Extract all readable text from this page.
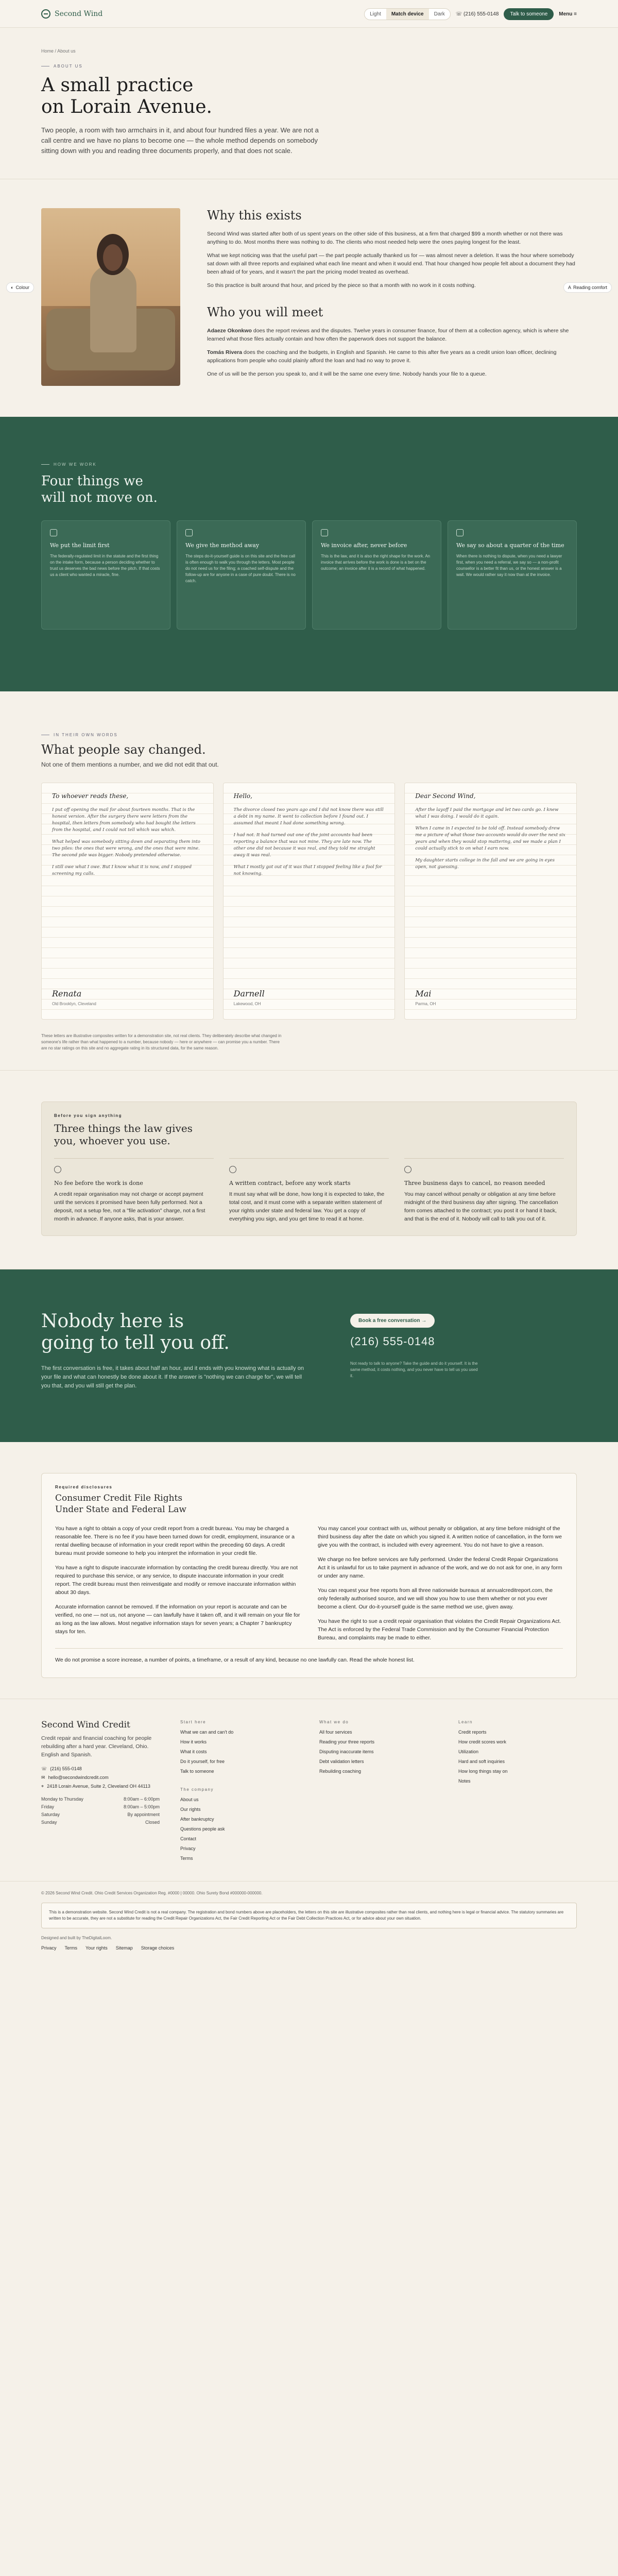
Second Wind	Light	Match device	Dark	☏ (216) 555-0148	Talk to someone	Menu ≡
Home / About us
ABOUT US
A small practice
on Lorain Avenue.

Two people, a room with two armchairs in it, and about four hundred files a year. We are not a call centre and we have no plans to become one — the whole method depends on somebody sitting down with you and reading three documents properly, and that does not scale.

◐ Colour	A Reading comfort
Why this exists

Second Wind was started after both of us spent years on the other side of this business, at a firm that charged $99 a month whether or not there was anything to do. Most months there was nothing to do. The clients who most needed help were the ones paying longest for the least.

What we kept noticing was that the useful part — the part people actually thanked us for — was almost never a deletion. It was the hour where somebody sat down with all three reports and explained what each line meant and when it would end. That hour changed how people felt about a document they had been afraid of for years, and it wasn't the part the pricing model treated as overhead.

So this practice is built around that hour, and priced by the piece so that a month with no work in it costs nothing.

Who you will meet

Adaeze Okonkwo does the report reviews and the disputes. Twelve years in consumer finance, four of them at a collection agency, which is where she learned what those files actually contain and how often the paperwork does not support the balance.

Tomás Rivera does the coaching and the budgets, in English and Spanish. He came to this after five years as a credit union loan officer, declining applications from people who could plainly afford the loan and had no way to prove it.

One of us will be the person you speak to, and it will be the same one every time. Nobody hands your file to a queue.

HOW WE WORK
Four things we
will not move on.
We put the limit first

The federally-regulated limit in the statute and the first thing on the intake form, because a person deciding whether to trust us deserves the bad news before the pitch. If that costs us a client who wanted a miracle, fine.

We give the method away

The steps do-it-yourself guide is on this site and the free call is often enough to walk you through the letters. Most people do not need us for the filing; a coached self-dispute and the follow-up are for anyone in a case of pure doubt. There is no catch.

We invoice after, never before

This is the law, and it is also the right shape for the work. An invoice that arrives before the work is done is a bet on the outcome; an invoice after it is a record of what happened.

We say so about a quarter of the time

When there is nothing to dispute, when you need a lawyer first, when you need a referral, we say so — a non-profit counsellor is a better fit than us, or the honest answer is a wait. We would rather say it now than at the invoice.

IN THEIR OWN WORDS
What people say changed.
Not one of them mentions a number, and we did not edit that out.
To whoever reads these,

I put off opening the mail for about fourteen months. That is the honest version. After the surgery there were letters from the hospital, then letters from somebody who had bought the letters from the hospital, and I could not tell which was which.

What helped was somebody sitting down and separating them into two piles: the ones that were wrong, and the ones that were mine. The second pile was bigger. Nobody pretended otherwise.

I still owe what I owe. But I know what it is now, and I stopped screening my calls.

Renata
Old Brooklyn, Cleveland
Hello,

The divorce closed two years ago and I did not know there was still a debt in my name. It went to collection before I found out. I assumed that meant I had done something wrong.

I had not. It had turned out one of the joint accounts had been reporting a balance that was not mine. They are late now. The other one did not because it was real, and they told me straight away it was real.

What I mostly got out of it was that I stopped feeling like a fool for not knowing.

Darnell
Lakewood, OH
Dear Second Wind,

After the layoff I paid the mortgage and let two cards go. I knew what I was doing. I would do it again.

When I came in I expected to be told off. Instead somebody drew me a picture of what those two accounts would do over the next six years and when they would stop mattering, and we made a plan I could actually stick to on what I earn now.

My daughter starts college in the fall and we are going in eyes open, not guessing.

Mai
Parma, OH

These letters are illustrative composites written for a demonstration site, not real clients. They deliberately describe what changed in someone's life rather than what happened to a number, because nobody — here or anywhere — can promise you a number. There are no star ratings on this site and no aggregate rating in its structured data, for the same reason.

Before you sign anything
Three things the law gives
you, whoever you use.
No fee before the work is done

A credit repair organisation may not charge or accept payment until the services it promised have been fully performed. Not a deposit, not a setup fee, not a "file activation" charge, not a first month in advance. If anyone asks, that is your answer.

A written contract, before any work starts

It must say what will be done, how long it is expected to take, the total cost, and it must come with a separate written statement of your rights under state and federal law. You get a copy of everything you sign, and you get time to read it at home.

Three business days to cancel, no reason needed

You may cancel without penalty or obligation at any time before midnight of the third business day after signing. The cancellation form comes attached to the contract; you post it or hand it back, and that is the end of it. Nobody will call to talk you out of it.

Nobody here is
going to tell you off.

The first conversation is free, it takes about half an hour, and it ends with you knowing what is actually on your file and what can honestly be done about it. If the answer is "nothing we can charge for", we will tell you that, and you will still get the plan.

Book a free conversation →
(216) 555-0148
Not ready to talk to anyone? Take the guide and do it yourself. It is the same method, it costs nothing, and you never have to tell us you used it.
Required disclosures
Consumer Credit File Rights
Under State and Federal Law

You have a right to obtain a copy of your credit report from a credit bureau. You may be charged a reasonable fee. There is no fee if you have been turned down for credit, employment, insurance or a rental dwelling because of information in your credit report within the preceding 60 days. A credit bureau must provide someone to help you interpret the information in your credit file.

You have a right to dispute inaccurate information by contacting the credit bureau directly. You are not required to purchase this service, or any service, to dispute inaccurate information in your credit report. The credit bureau must then reinvestigate and modify or remove inaccurate information within about 30 days.

Accurate information cannot be removed. If the information on your report is accurate and can be verified, no one — not us, not anyone — can lawfully have it taken off, and it will remain on your file for as long as the law allows. Most negative information stays for seven years; a Chapter 7 bankruptcy stays for ten.

You may cancel your contract with us, without penalty or obligation, at any time before midnight of the third business day after the date on which you signed it. A written notice of cancellation, in the form we give you with the contract, is included with every agreement. You do not have to give a reason.

We charge no fee before services are fully performed. Under the federal Credit Repair Organizations Act it is unlawful for us to take payment in advance of the work, and we do not ask for one, in any form or under any name.

You can request your free reports from all three nationwide bureaus at annualcreditreport.com, the only federally authorised source, and we will show you how to use them whether or not you ever become a client. Our do-it-yourself guide is the same method we use, given away.

You have the right to sue a credit repair organisation that violates the Credit Repair Organizations Act. The Act is enforced by the Federal Trade Commission and by the Consumer Financial Protection Bureau, and complaints may be made to either.

We do not promise a score increase, a number of points, a timeframe, or a result of any kind, because no one lawfully can. Read the whole honest list.
Second Wind Credit

Credit repair and financial coaching for people rebuilding after a hard year. Cleveland, Ohio. English and Spanish.

☏ (216) 555-0148
✉ hello@secondwindcredit.com
⌖ 2418 Lorain Avenue, Suite 2, Cleveland OH 44113
Monday to Thursday	8:00am – 6:00pm
Friday	8:00am – 5:00pm
Saturday	By appointment
Sunday	Closed
Start here
What we can and can't do
How it works
What it costs
Do it yourself, for free
Talk to someone
The company
About us
Our rights
After bankruptcy
Questions people ask
Contact
Privacy
Terms
What we do
All four services
Reading your three reports
Disputing inaccurate items
Debt validation letters
Rebuilding coaching
Learn
Credit reports
How credit scores work
Utilization
Hard and soft inquiries
How long things stay on
Notes
© 2026 Second Wind Credit. Ohio Credit Services Organization Reg. #0000 | 00000. Ohio Surety Bond #000000-000000.
This is a demonstration website. Second Wind Credit is not a real company. The registration and bond numbers above are placeholders, the letters on this site are illustrative composites rather than real clients, and nothing here is legal or financial advice. The statutory summaries are written to be accurate, they are not a substitute for reading the Credit Repair Organizations Act, the Fair Credit Reporting Act or the Fair Debt Collection Practices Act, or for advice about your own situation.
Designed and built by TheDigitalLoom.
Privacy Terms Your rights Sitemap Storage choices
